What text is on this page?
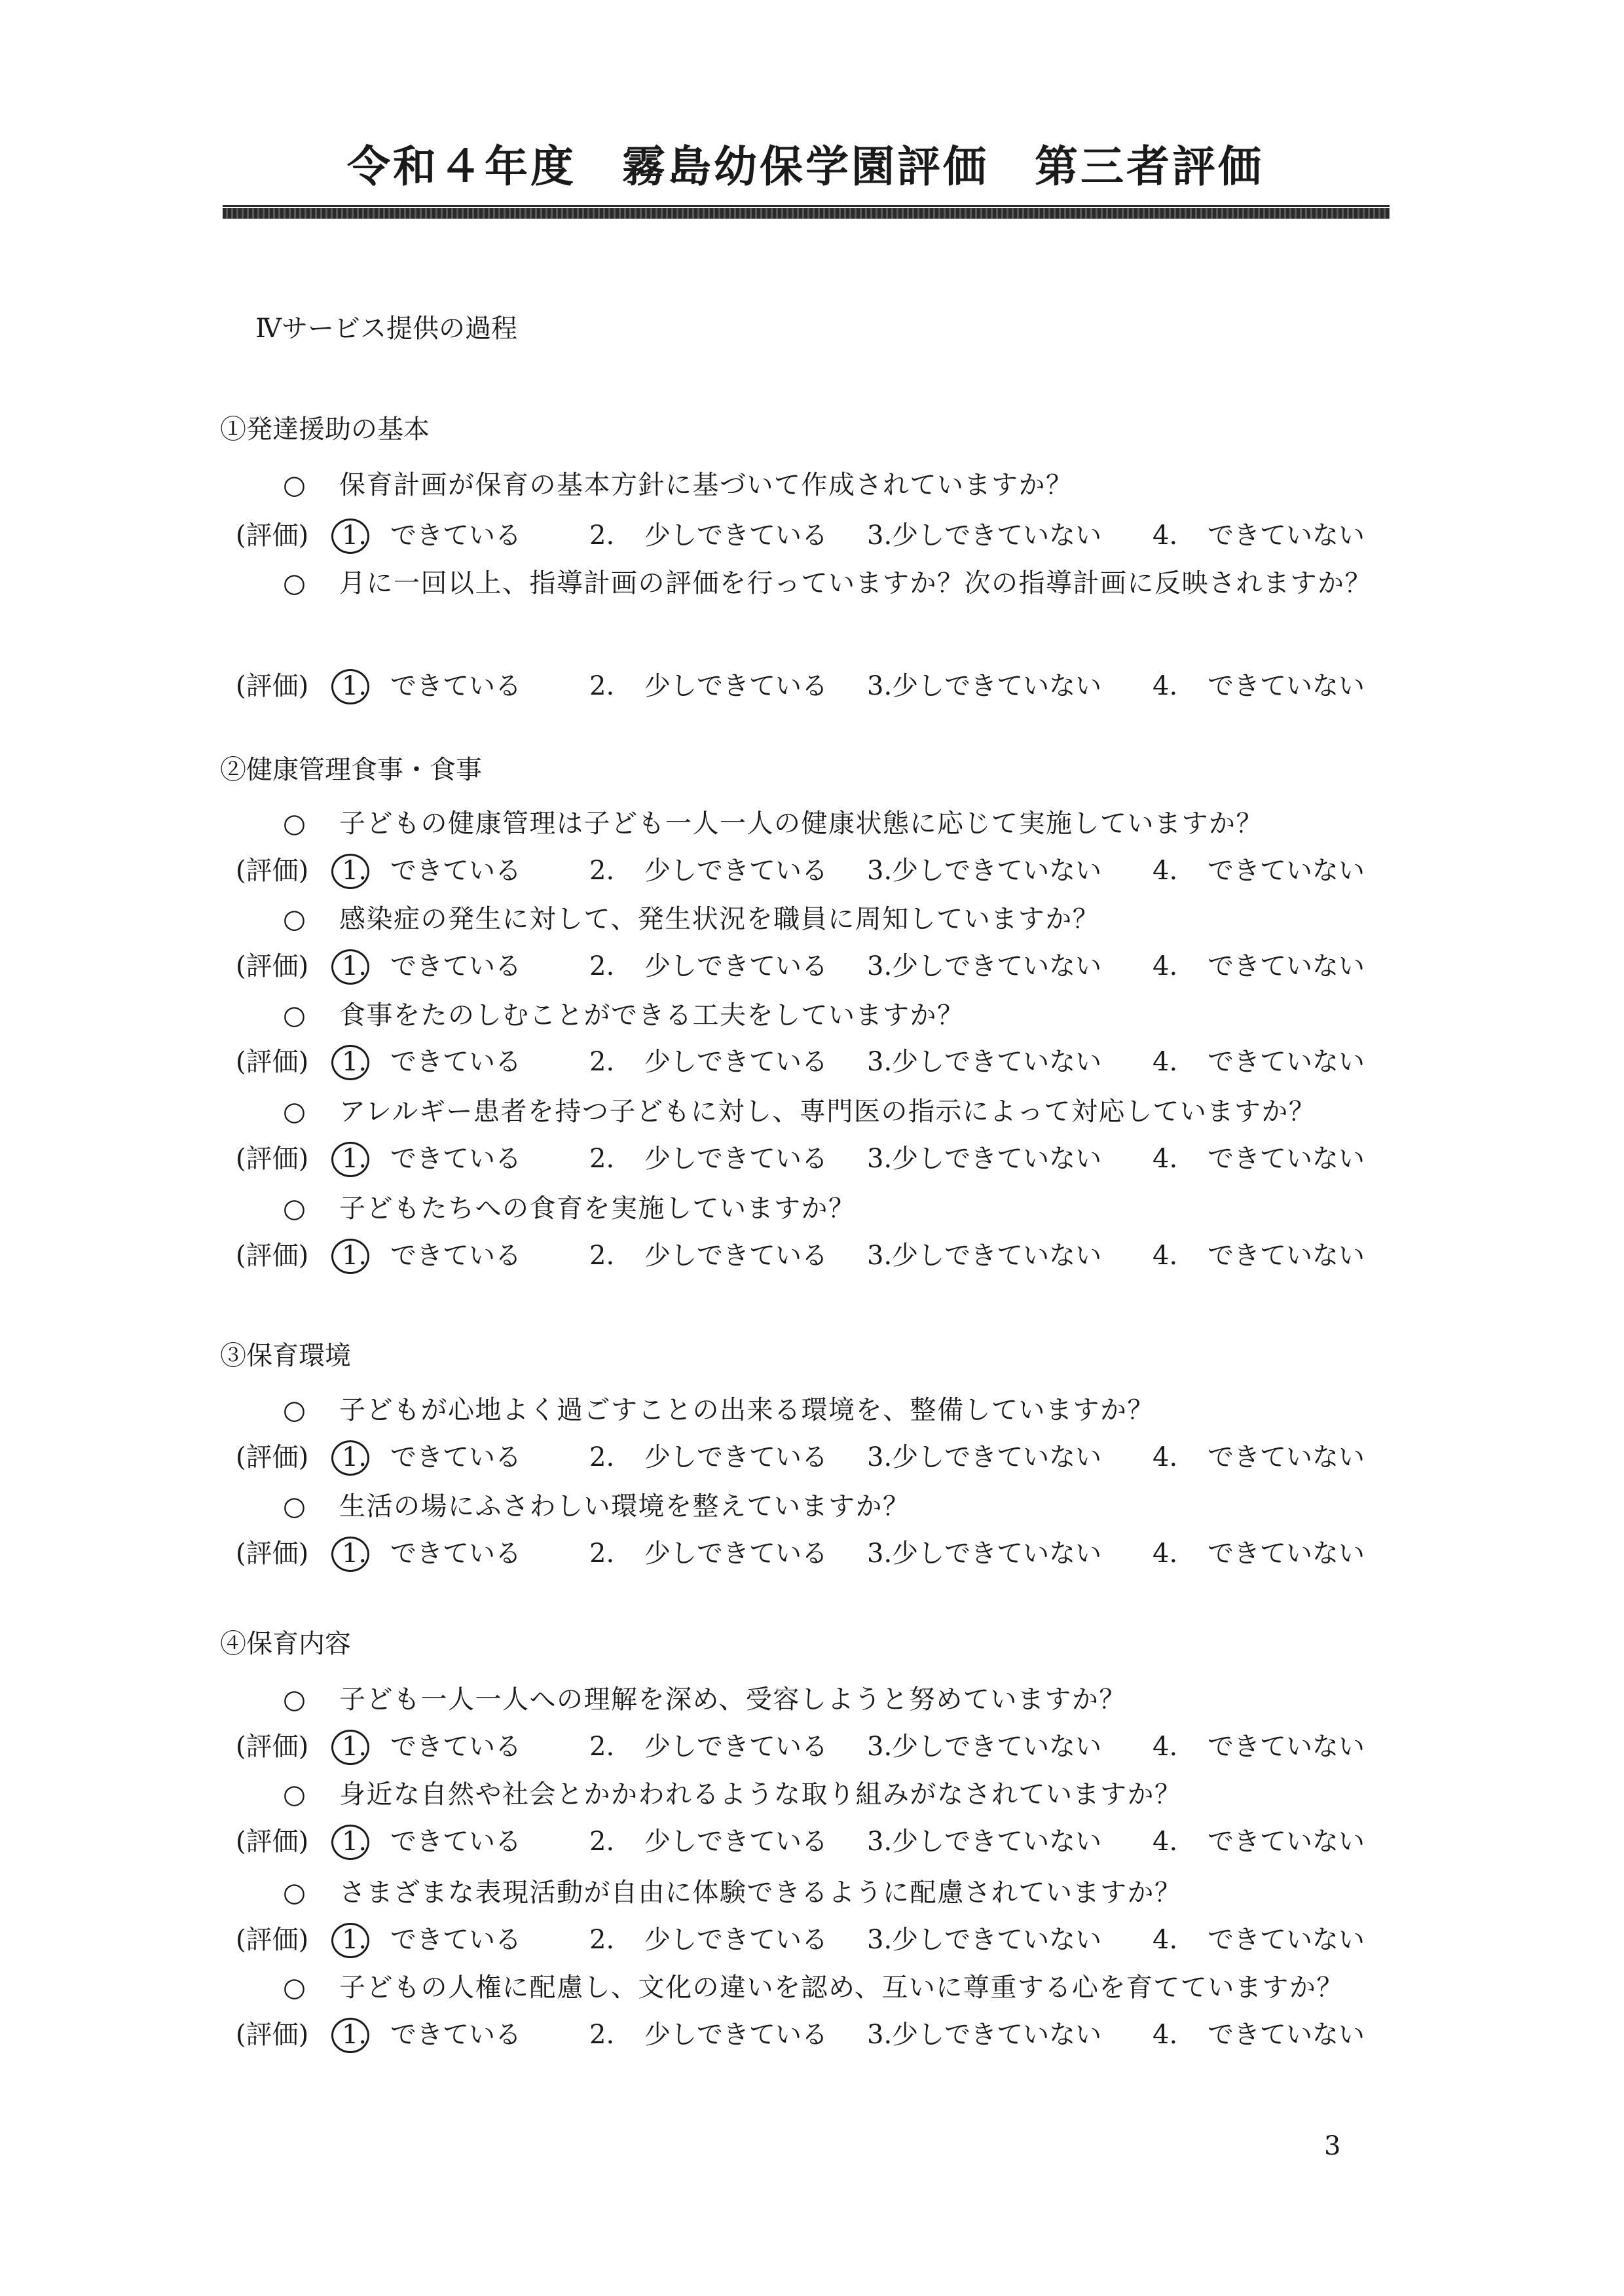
令和４年度　霧島幼保学園評価　第三者評価
Ⅳサービス提供の過程
①発達援助の基本
○	保育計画が保育の基本方針に基づいて作成されていますか？
(評価) 1. できている	2. 少しできている 3.少しできていない 4. できていない
○	月に一回以上、指導計画の評価を行っていますか？次の指導計画に反映されますか？
(評価) 1. できている	2. 少しできている 3.少しできていない 4. できていない
②健康管理食事・食事
○	子どもの健康管理は子ども一人一人の健康状態に応じて実施していますか？
(評価) 1. できている	2. 少しできている 3.少しできていない 4. できていない
○	感染症の発生に対して、発生状況を職員に周知していますか？
(評価) 1. できている	2. 少しできている 3.少しできていない 4. できていない
○	食事をたのしむことができる工夫をしていますか？
(評価) 1. できている	2. 少しできている 3.少しできていない 4. できていない
○	アレルギー患者を持つ子どもに対し、専門医の指示によって対応していますか？
(評価) 1. できている	2. 少しできている 3.少しできていない 4. できていない
○	子どもたちへの食育を実施していますか？
(評価) 1. できている	2. 少しできている 3.少しできていない 4. できていない
③保育環境
○	子どもが心地よく過ごすことの出来る環境を、整備していますか？
(評価) 1. できている	2. 少しできている 3.少しできていない 4. できていない
○	生活の場にふさわしい環境を整えていますか？
(評価) 1. できている	2. 少しできている 3.少しできていない 4. できていない
④保育内容
○	子ども一人一人への理解を深め、受容しようと努めていますか？
(評価) 1. できている	2. 少しできている 3.少しできていない 4. できていない
○	身近な自然や社会とかかわれるような取り組みがなされていますか？
(評価) 1. できている	2. 少しできている 3.少しできていない 4. できていない
○	さまざまな表現活動が自由に体験できるように配慮されていますか？
(評価) 1. できている	2. 少しできている 3.少しできていない 4. できていない
○	子どもの人権に配慮し、文化の違いを認め、互いに尊重する心を育てていますか？
(評価) 1. できている	2. 少しできている 3.少しできていない 4. できていない
3
